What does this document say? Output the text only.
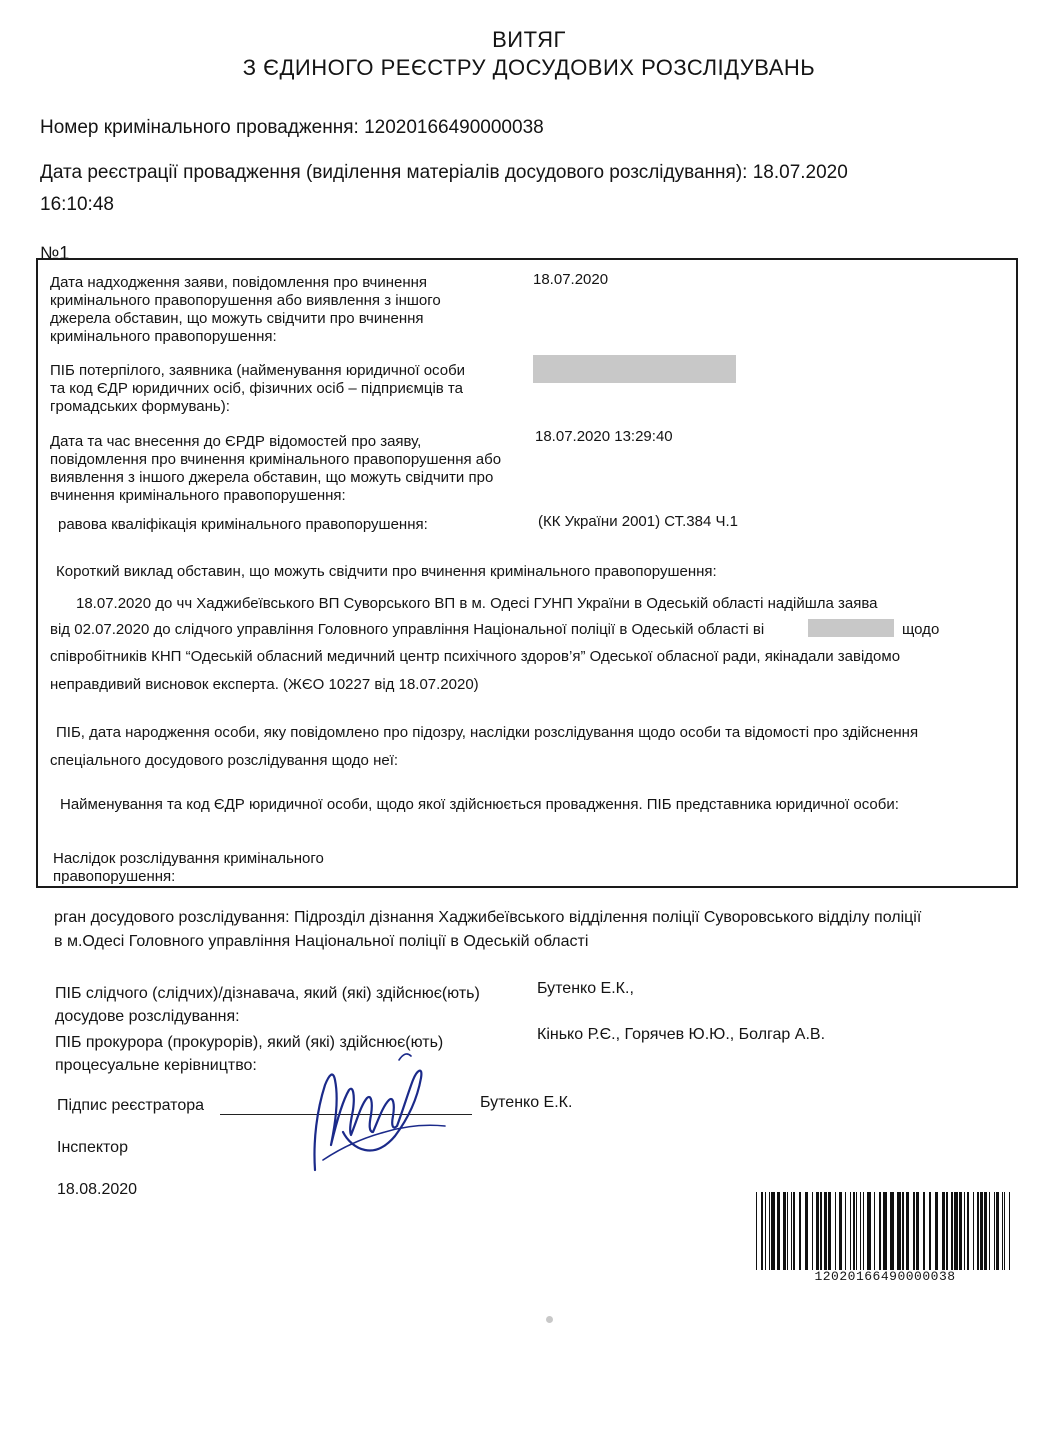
ВИТЯГ
З ЄДИНОГО РЕЄСТРУ ДОСУДОВИХ РОЗСЛІДУВАНЬ
Номер кримінального провадження: 12020166490000038
Дата реєстрації провадження (виділення матеріалів досудового розслідування): 18.07.2020
16:10:48
№1
Дата надходження заяви, повідомлення про вчинення
кримінального правопорушення або виявлення з іншого
джерела обставин, що можуть свідчити про вчинення
кримінального правопорушення:
18.07.2020
ПІБ потерпілого, заявника (найменування юридичної особи
та код ЄДР юридичних осіб, фізичних осіб – підприємців та
громадських формувань):
Дата та час внесення до ЄРДР відомостей про заяву,
повідомлення про вчинення кримінального правопорушення або
виявлення з іншого джерела обставин, що можуть свідчити про
вчинення кримінального правопорушення:
18.07.2020 13:29:40
равова кваліфікація кримінального правопорушення:	(КК України 2001) СТ.384 Ч.1
Короткий виклад обставин, що можуть свідчити про вчинення кримінального правопорушення:
18.07.2020 до чч Хаджибеївського ВП Суворського ВП в м. Одесі ГУНП України в Одеській області надійшла заява
від 02.07.2020 до слідчого управління Головного управління Національної поліції в Одеській області ві	щодо
співробітників КНП “Одеській обласний медичний центр психічного здоров’я” Одеської обласної ради, якінадали завідомо
неправдивий висновок експерта. (ЖЄО 10227 від 18.07.2020)
ПІБ, дата народження особи, яку повідомлено про підозру, наслідки розслідування щодо особи та відомості про здійснення
спеціального досудового розслідування щодо неї:
Найменування та код ЄДР юридичної особи, щодо якої здійснюється провадження. ПІБ представника юридичної особи:
Наслідок розслідування кримінального
правопорушення:
рган досудового розслідування: Підрозділ дізнання Хаджибеївського відділення поліції Суворовського відділу поліції
в м.Одесі Головного управління Національної поліції в Одеській області
ПІБ слідчого (слідчих)/дізнавача, який (які) здійснює(ють)
досудове розслідування:
Бутенко Е.К.,
ПІБ прокурора (прокурорів), який (які) здійснює(ють)
процесуальне керівництво:
Кінько Р.Є., Горячев Ю.Ю., Болгар А.В.
Підпис реєстратора	Бутенко Е.К.
Інспектор
18.08.2020
12020166490000038
